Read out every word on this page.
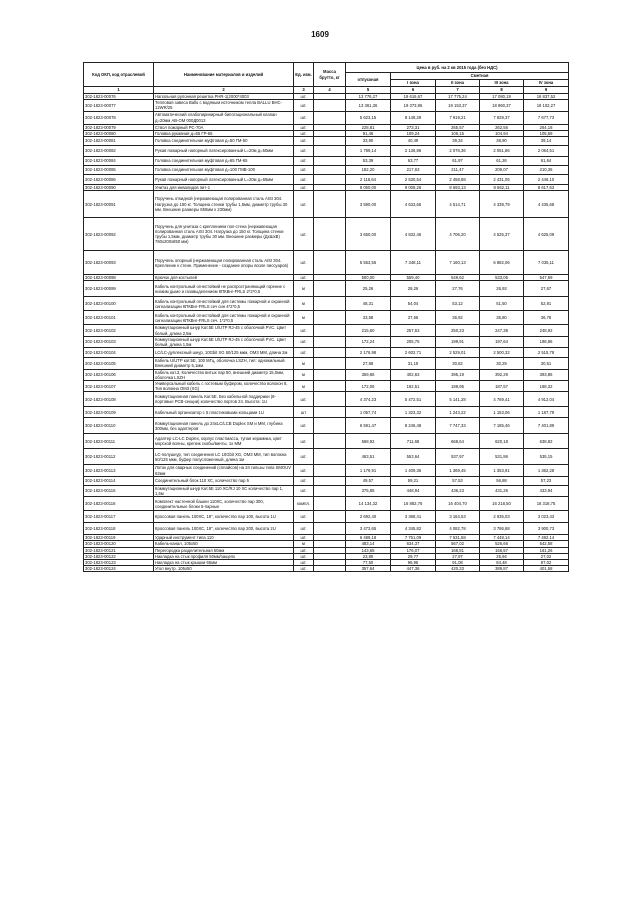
1609
Код ОКП, код отраслевой	Наименование материалов и изделий	Ед. изм.	Масса брутто, кг	Цена в руб. на 2 кв 2015 года (без НДС)				
				отпускная	Сметная			
					I зона	II зона	III зона	IV зона
1	2	3	4	5	6	7	8	9
302-1823-00076	Напольная рулонная решетка PHR-1(2000*4003	шт.		13 776,27	19 616,67	17 775,24	17 080,19	16 837,52
302-1823-00077	Тепловая завеса Ballu с водяным источником тепла BALLU BHC-12WR/25	шт.		13 361,36	19 373,95	19 153,37	18 960,37	19 102,27
302-1823-00078	Автоматический хлабопиринирный бипотациональный клапан д=20мм АВ-ОМ 000Д0013	шт.		5 623,15	8 148,29	7 919,21	7 829,37	7 677,73
302-1823-00079	Ствол пожарный РС-70А	шт.		228,81	273,31	265,57	262,56	264,18
302-1823-00080	Головка рукавная д=65 ГР-65	шт.		91,46	109,24	106,15	104,94	105,59
302-1823-00081	Головка соединительная муфтовая д=50 ГМ-50	шт.		33,90	40,49	39,34	38,90	39,14
302-1823-00082	Рукав пожарный напорный латексированный L=20м д=50мм	шт.		1 789,14	2 136,86	2 076,36	2 051,86	2 064,51
302-1823-00084	Головка соединительная муфтовая д=65 ГМ-65	шт.		53,39	63,77	61,97	61,26	61,64
302-1823-00085	Головка соединительная муфтовая д=100 ГМВ-100	шт.		182,20	217,63	211,47	209,07	210,36
302-1823-00086	Рукав пожарный напорный латексированный L=20м д=65мм	шт.		2 118,64	2 530,54	2 458,88	2 431,05	2 446,10
302-1823-00090	Унитаз для инвалидов пит-1	шт.		8 050,00	9 008,28	8 693,13	8 562,11	8 617,63
302-1823-00091	Поручень откидной (нержавеющая полированная сталь AISI 304. Нагрузка до 150 кг. Толщина стенки трубы 1,5мм, диаметр трубы 30 мм. Внешние размеры 650мм х 230мм)	шт.		3 590,00	4 633,66	4 514,71	4 339,79	4 435,68
302-1823-00092	Поручень для унитаза с креплением пол-стена (нержавеющая полированная сталь AISI 304. Нагрузка до 150 кг. Толщина стенки трубы 1,5мм, диаметр трубы 30 мм. Внешние размеры (ДхШхВ) 760х200х850 мм)	шт.		3 650,00	4 832,46	4 706,20	4 525,37	4 625,09
302-1823-00093	Поручень опорный (нержавеющая полированная сталь AISI 304. Крепление к стене. Применение - создание опоры возле писсуаров)	шт.		5 553,55	7 348,11	7 160,13	6 882,06	7 035,11
302-1823-00098	Крючок для костылей	шт.		500,00	559,40	549,62	533,05	547,69
302-1823-00099	Кабель контрольный огнестойкий не распространяющий горение с низким дымо и газовыделением КПКВнг-FRLS 2*2*0,5	м		25,26	28,26	27,76	26,93	27,67
302-1823-00100	Кабель контрольный огнестойкий для системы пожарной и охранной сигнализации КПКВнг-FRLS сеч син 4*2*0,5	м		48,31	54,04	53,12	51,50	52,91
302-1823-00101	Кабель контрольный огнестойкий для системы пожарной и охранной сигнализации КПКВнг-FRLS сеч. 1*2*0,5	м		33,58	37,56	36,92	35,80	36,78
302-1823-00102	Коммутационный шнур Кат.5Е U/UTP RJ-45 с оболочкой PVC. Цвет белый, длина 2,5м	шт.		215,60	257,53	250,23	247,38	248,92
302-1823-00103	Коммутационный шнур Кат.5Е U/UTP RJ-45 с оболочкой PVC. Цвет белый, длина 1,5м	шт.		172,24	205,75	199,91	197,64	198,86
302-1823-00104	LC/LC-дуплексный шнур, 10Gbit XG 50/125 мкм, OM3 MM, длина 2м	шт.		2 176,98	2 602,71	2 529,01	2 500,32	2 515,78
302-1823-00105	Кабель U/UTP кат.5Е, 100 МГц, оболочка LSZH, тип: одножильный. Внешний диаметр 5,1мм	м		27,88	31,19	30,62	30,29	30,51
302-1823-00106	Кабель кат.3, Количество витых пар 50, внешний диаметр 15,0мм, оболочка LSZH	м		359,86	402,63	395,19	392,29	393,86
302-1823-00107	Универсальный кабель с гостевым буфером, количество волокон 8, Тип волокна OM3 (XG)	м		172,06	192,51	189,95	187,57	188,32
302-1823-00108	Коммутационная панель Кат.5Е. Без кабельной поддержки (8-портовые РСВ-секции) количество портов 24. Высота: 1U	шт.		4 374,23	5 472,51	5 141,28	4 769,41	4 912,04
302-1823-00109	Кабельный организатор с 5 пластиковыми кольцами 1U	шт		1 057,74	1 323,32	1 243,22	1 153,06	1 187,79
302-1823-00110	Коммутационная панель до 24xLC/LCB Duplex SM и MM, глубина 300мм, без адаптеров	шт.		6 591,47	8 246,48	7 747,33	7 185,46	7 401,89
302-1823-00111	Адаптер LC-LC Duplex, корпус пластмасса, тупая керамика, цвет морской волны, крепеж скобы/винты. 1x MM	шт.		568,92	711,68	668,64	620,18	638,82
302-1823-00112	LC-полушнур, тип соединения LC 10Gbit XG, OM3 MM, тип волокна 50/125 мкм, буфер полусложенный, длина 1м	шт.		463,51	553,64	537,97	531,86	535,15
302-1823-00113	Лоток для сварных соединений (сплайсов) на 24 гильзы типа SMOUV 62мм	шт.		1 179,91	1 409,36	1 369,45	1 353,91	1 362,28
302-1823-00114	Соединительный блок 110 ХС, количество пар 5	шт.		49,57	59,21	57,53	56,88	57,23
302-1823-00115	Коммутационный шнур Кат.5Е 110 ХС/RJ 10 ХС количество пар 1, 1,5м	шт.		375,85	448,94	436,23	431,26	433,94
302-1823-00116	Комплект настенной башни 110ХС, количество пар 300, соединительные блоки 5-парные	компл.		14 134,32	16 882,76	16 404,70	16 218,50	16 318,75
302-1823-00117	Кроссовая панель 100ХС, 19", количество пар 100, высота 1U	шт.		2 692,40	3 368,41	3 164,53	2 935,03	3 023,43
302-1823-00118	Кроссовая панель 100ХС, 19", количество пар 200, высота 2U	шт.		3 473,65	4 345,82	4 082,78	3 786,68	3 900,73
302-1823-00119	Ударный инструмент типа 110	шт.		6 489,18	7 751,09	7 531,58	7 448,14	7 492,14
302-1823-00120	Кабель-канал, 105х50	м		483,14	634,37	567,02	526,66	542,58
302-1823-00121	Перегородка разделительная 50мм	шт.		143,65	176,07	168,81	156,57	161,26
302-1823-00122	Накладка на стык профиля 50мм/защелк	шт.		23,80	29,77	27,97	25,94	27,02
302-1823-00123	Накладка на стык крышки 65мм	шт.		77,50	96,95	91,08	84,48	87,02
302-1823-00124	Угол внутр. 105х50	шт.		357,64	447,36	420,33	389,87	401,58
